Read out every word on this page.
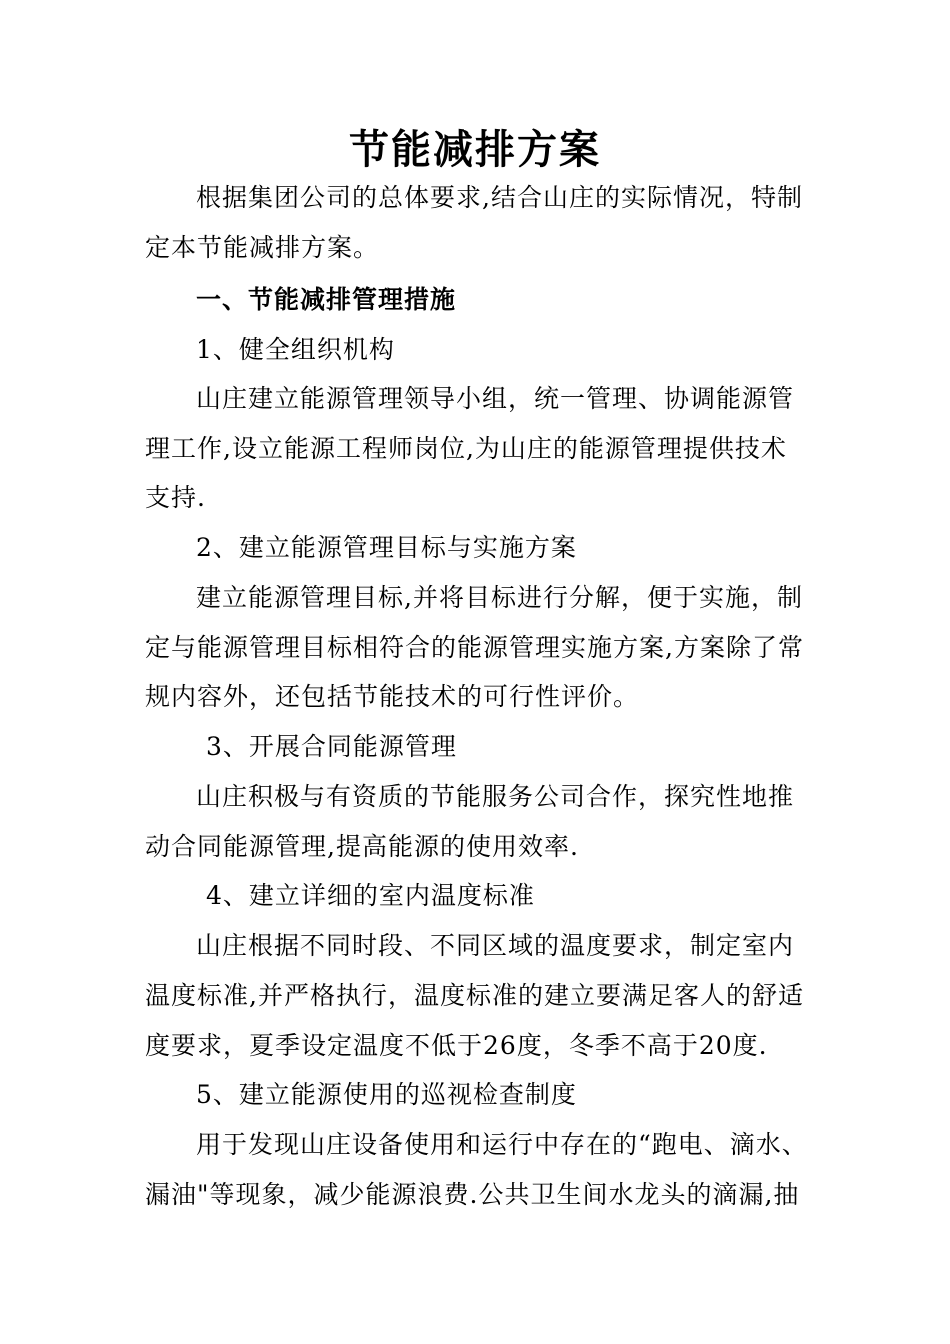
节能减排方案
根据集团公司的总体要求,结合山庄的实际情况，特制
定本节能减排方案。
一、节能减排管理措施
1、健全组织机构
山庄建立能源管理领导小组，统一管理、协调能源管
理工作,设立能源工程师岗位,为山庄的能源管理提供技术
支持.
2、建立能源管理目标与实施方案
建立能源管理目标,并将目标进行分解，便于实施，制
定与能源管理目标相符合的能源管理实施方案,方案除了常
规内容外，还包括节能技术的可行性评价。
3、开展合同能源管理
山庄积极与有资质的节能服务公司合作，探究性地推
动合同能源管理,提高能源的使用效率.
4、建立详细的室内温度标准
山庄根据不同时段、不同区域的温度要求，制定室内
温度标准,并严格执行，温度标准的建立要满足客人的舒适
度要求，夏季设定温度不低于26度，冬季不高于20度.
5、建立能源使用的巡视检查制度
用于发现山庄设备使用和运行中存在的“跑电、滴水、
漏油"等现象，减少能源浪费.公共卫生间水龙头的滴漏,抽
